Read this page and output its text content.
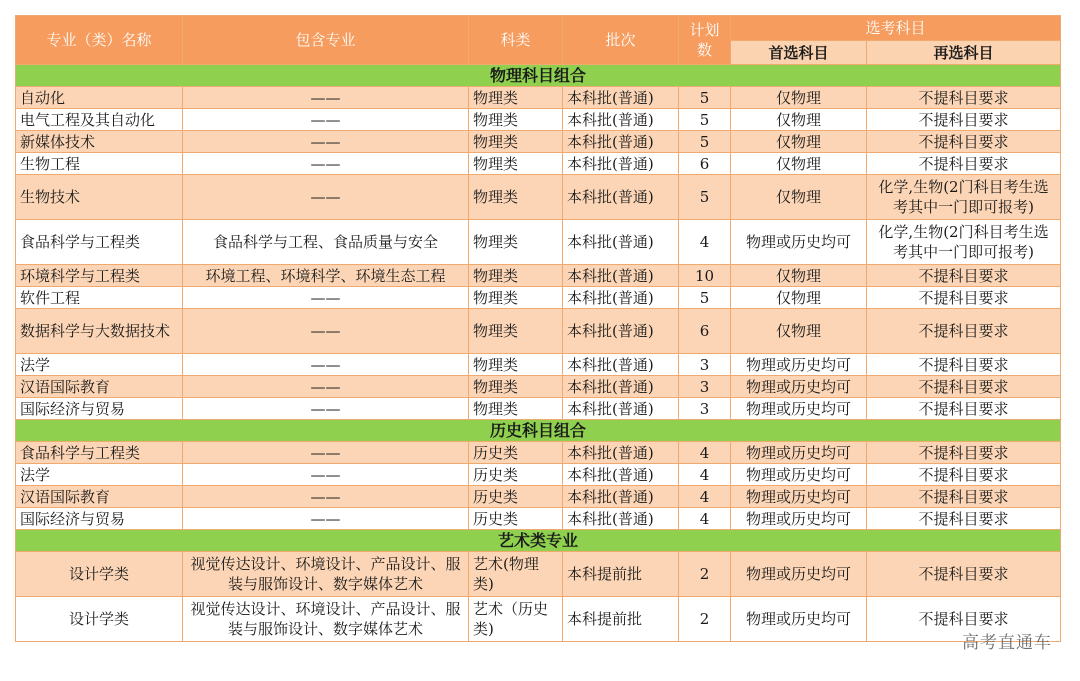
专业（类）名称	包含专业	科类	批次	计划
数	选考科目	
					首选科目	再选科目
物理科目组合						
自动化	——	物理类	本科批(普通)	5	仅物理	不提科目要求
电气工程及其自动化	——	物理类	本科批(普通)	5	仅物理	不提科目要求
新媒体技术	——	物理类	本科批(普通)	5	仅物理	不提科目要求
生物工程	——	物理类	本科批(普通)	6	仅物理	不提科目要求
生物技术	——	物理类	本科批(普通)	5	仅物理	化学,生物(2门科目考生选考其中一门即可报考)
食品科学与工程类	食品科学与工程、食品质量与安全	物理类	本科批(普通)	4	物理或历史均可	化学,生物(2门科目考生选考其中一门即可报考)
环境科学与工程类	环境工程、环境科学、环境生态工程	物理类	本科批(普通)	10	仅物理	不提科目要求
软件工程	——	物理类	本科批(普通)	5	仅物理	不提科目要求
数据科学与大数据技术	——	物理类	本科批(普通)	6	仅物理	不提科目要求
法学	——	物理类	本科批(普通)	3	物理或历史均可	不提科目要求
汉语国际教育	——	物理类	本科批(普通)	3	物理或历史均可	不提科目要求
国际经济与贸易	——	物理类	本科批(普通)	3	物理或历史均可	不提科目要求
历史科目组合						
食品科学与工程类	——	历史类	本科批(普通)	4	物理或历史均可	不提科目要求
法学	——	历史类	本科批(普通)	4	物理或历史均可	不提科目要求
汉语国际教育	——	历史类	本科批(普通)	4	物理或历史均可	不提科目要求
国际经济与贸易	——	历史类	本科批(普通)	4	物理或历史均可	不提科目要求
艺术类专业						
设计学类	视觉传达设计、环境设计、产品设计、服装与服饰设计、数字媒体艺术	艺术(物理类)	本科提前批	2	物理或历史均可	不提科目要求
设计学类	视觉传达设计、环境设计、产品设计、服装与服饰设计、数字媒体艺术	艺术（历史类)	本科提前批	2	物理或历史均可	不提科目要求
高考直通车
